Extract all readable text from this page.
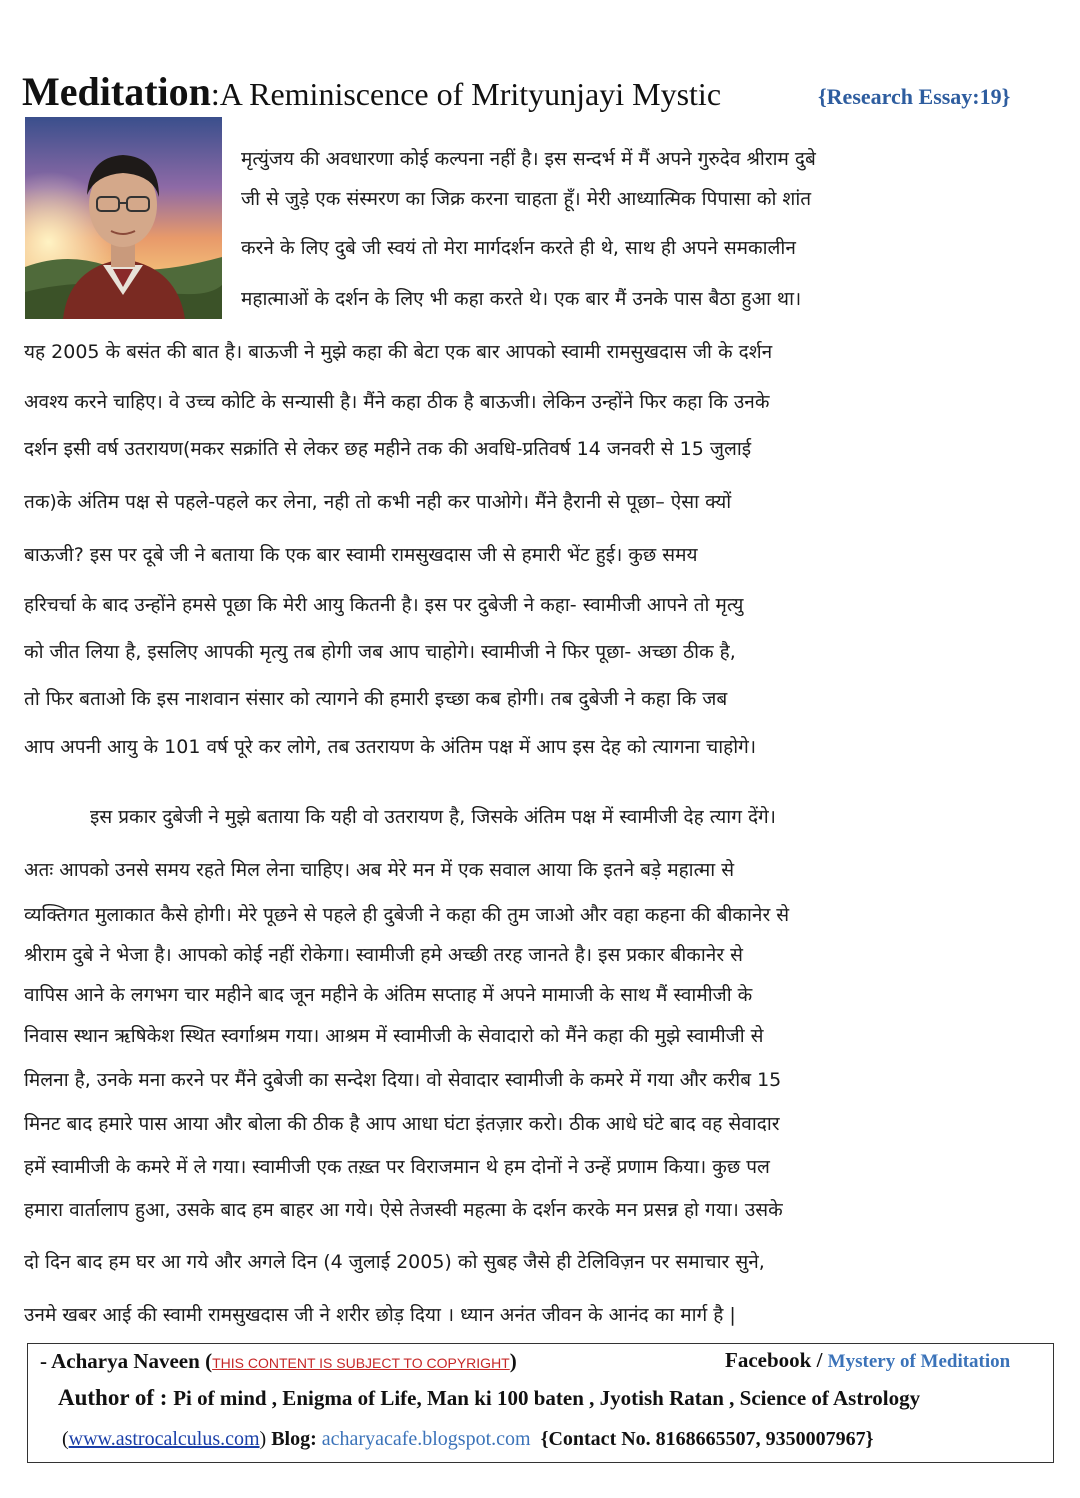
Meditation:A Reminiscence of Mrityunjayi Mystic	{Research Essay:19}
मृत्युंजय की अवधारणा कोई कल्पना नहीं है। इस सन्दर्भ में मैं अपने गुरुदेव श्रीराम दुबे
जी से जुड़े एक संस्मरण का जिक्र करना चाहता हूँ। मेरी आध्यात्मिक पिपासा को शांत
करने के लिए दुबे जी स्वयं तो मेरा मार्गदर्शन करते ही थे, साथ ही अपने समकालीन
महात्माओं के दर्शन के लिए भी कहा करते थे। एक बार मैं उनके पास बैठा हुआ था।
यह 2005 के बसंत की बात है। बाऊजी ने मुझे कहा की बेटा एक बार आपको स्वामी रामसुखदास जी के दर्शन
अवश्य करने चाहिए। वे उच्च कोटि के सन्यासी है। मैंने कहा ठीक है बाऊजी। लेकिन उन्होंने फिर कहा कि उनके
दर्शन इसी वर्ष उतरायण(मकर सक्रांति से लेकर छह महीने तक की अवधि-प्रतिवर्ष 14 जनवरी से 15 जुलाई
तक)के अंतिम पक्ष से पहले-पहले कर लेना, नही तो कभी नही कर पाओगे। मैंने हैरानी से पूछा– ऐसा क्यों
बाऊजी? इस पर दूबे जी ने बताया कि एक बार स्वामी रामसुखदास जी से हमारी भेंट हुई। कुछ समय
हरिचर्चा के बाद उन्होंने हमसे पूछा कि मेरी आयु कितनी है। इस पर दुबेजी ने कहा- स्वामीजी आपने तो मृत्यु
को जीत लिया है, इसलिए आपकी मृत्यु तब होगी जब आप चाहोगे। स्वामीजी ने फिर पूछा- अच्छा ठीक है,
तो फिर बताओ कि इस नाशवान संसार को त्यागने की हमारी इच्छा कब होगी। तब दुबेजी ने कहा कि जब
आप अपनी आयु के 101 वर्ष पूरे कर लोगे, तब उतरायण के अंतिम पक्ष में आप इस देह को त्यागना चाहोगे।
इस प्रकार दुबेजी ने मुझे बताया कि यही वो उतरायण है, जिसके अंतिम पक्ष में स्वामीजी देह त्याग देंगे।
अतः आपको उनसे समय रहते मिल लेना चाहिए। अब मेरे मन में एक सवाल आया कि इतने बड़े महात्मा से
व्यक्तिगत मुलाकात कैसे होगी। मेरे पूछने से पहले ही दुबेजी ने कहा की तुम जाओ और वहा कहना की बीकानेर से
श्रीराम दुबे ने भेजा है। आपको कोई नहीं रोकेगा। स्वामीजी हमे अच्छी तरह जानते है। इस प्रकार बीकानेर से
वापिस आने के लगभग चार महीने बाद जून महीने के अंतिम सप्ताह में अपने मामाजी के साथ मैं स्वामीजी के
निवास स्थान ऋषिकेश स्थित स्वर्गाश्रम गया। आश्रम में स्वामीजी के सेवादारो को मैंने कहा की मुझे स्वामीजी से
मिलना है, उनके मना करने पर मैंने दुबेजी का सन्देश दिया। वो सेवादार स्वामीजी के कमरे में गया और करीब 15
मिनट बाद हमारे पास आया और बोला की ठीक है आप आधा घंटा इंतज़ार करो। ठीक आधे घंटे बाद वह सेवादार
हमें स्वामीजी के कमरे में ले गया। स्वामीजी एक तख़्त पर विराजमान थे हम दोनों ने उन्हें प्रणाम किया। कुछ पल
हमारा वार्तालाप हुआ, उसके बाद हम बाहर आ गये। ऐसे तेजस्वी महत्मा के दर्शन करके मन प्रसन्न हो गया। उसके
दो दिन बाद हम घर आ गये और अगले दिन (4 जुलाई 2005) को सुबह जैसे ही टेलिविज़न पर समाचार सुने,
उनमे खबर आई की स्वामी रामसुखदास जी ने शरीर छोड़ दिया । ध्यान अनंत जीवन के आनंद का मार्ग है |
- Acharya Naveen (THIS CONTENT IS SUBJECT TO COPYRIGHT)	Facebook / Mystery of Meditation
Author of : Pi of mind , Enigma of Life, Man ki 100 baten , Jyotish Ratan , Science of Astrology
(www.astrocalculus.com) Blog: acharyacafe.blogspot.com {Contact No. 8168665507, 9350007967}
